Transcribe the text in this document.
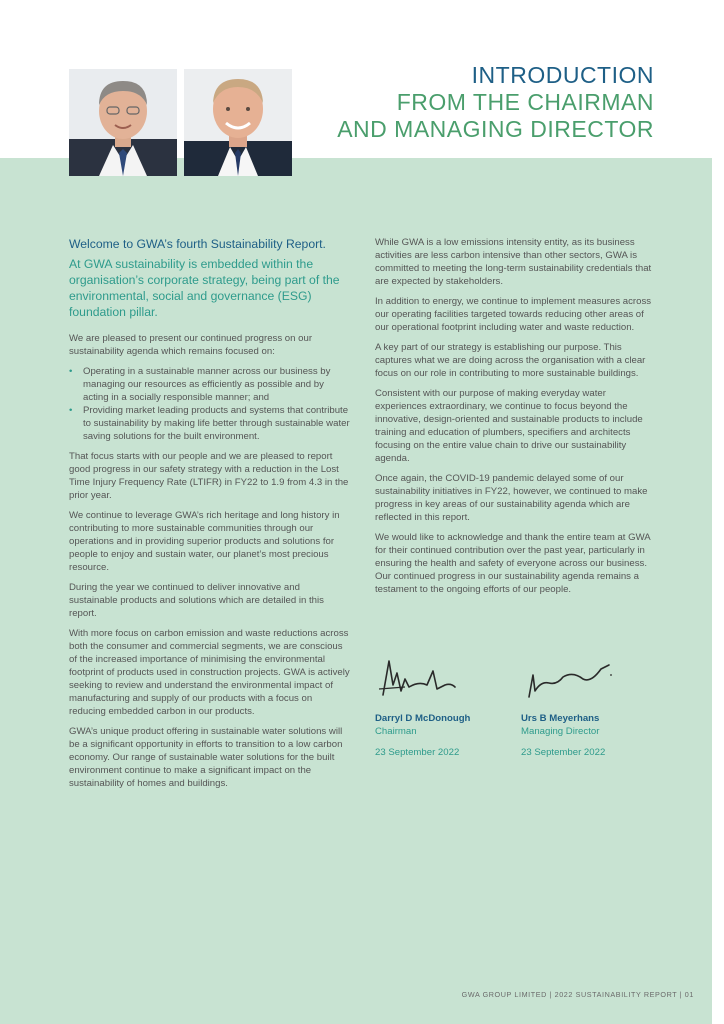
INTRODUCTION
FROM THE CHAIRMAN
AND MANAGING DIRECTOR

Welcome to GWA’s fourth Sustainability Report.

At GWA sustainability is embedded within the organisation’s corporate strategy, being part of the environmental, social and governance (ESG) foundation pillar.

We are pleased to present our continued progress on our sustainability agenda which remains focused on:

• Operating in a sustainable manner across our business by managing our resources as efficiently as possible and by acting in a socially responsible manner; and
• Providing market leading products and systems that contribute to sustainability by making life better through sustainable water saving solutions for the built environment.

That focus starts with our people and we are pleased to report good progress in our safety strategy with a reduction in the Lost Time Injury Frequency Rate (LTIFR) in FY22 to 1.9 from 4.3 in the prior year.

We continue to leverage GWA’s rich heritage and long history in contributing to more sustainable communities through our operations and in providing superior products and solutions for people to enjoy and sustain water, our planet’s most precious resource.

During the year we continued to deliver innovative and sustainable products and solutions which are detailed in this report.

With more focus on carbon emission and waste reductions across both the consumer and commercial segments, we are conscious of the increased importance of minimising the environmental footprint of products used in construction projects. GWA is actively seeking to review and understand the environmental impact of manufacturing and supply of our products with a focus on reducing embedded carbon in our products.

GWA’s unique product offering in sustainable water solutions will be a significant opportunity in efforts to transition to a low carbon economy. Our range of sustainable water solutions for the built environment continue to make a significant impact on the sustainability of homes and buildings.

While GWA is a low emissions intensity entity, as its business activities are less carbon intensive than other sectors, GWA is committed to meeting the long-term sustainability credentials that are expected by stakeholders.

In addition to energy, we continue to implement measures across our operating facilities targeted towards reducing other areas of our operational footprint including water and waste reduction.

A key part of our strategy is establishing our purpose. This captures what we are doing across the organisation with a clear focus on our role in contributing to more sustainable buildings.

Consistent with our purpose of making everyday water experiences extraordinary, we continue to focus beyond the innovative, design-oriented and sustainable products to include training and education of plumbers, specifiers and architects focusing on the entire value chain to drive our sustainability agenda.

Once again, the COVID-19 pandemic delayed some of our sustainability initiatives in FY22, however, we continued to make progress in key areas of our sustainability agenda which are reflected in this report.

We would like to acknowledge and thank the entire team at GWA for their continued contribution over the past year, particularly in ensuring the health and safety of everyone across our business. Our continued progress in our sustainability agenda remains a testament to the ongoing efforts of our people.

Darryl D McDonough
Chairman
23 September 2022
Urs B Meyerhans
Managing Director
23 September 2022
GWA GROUP LIMITED | 2022 SUSTAINABILITY REPORT | 01
